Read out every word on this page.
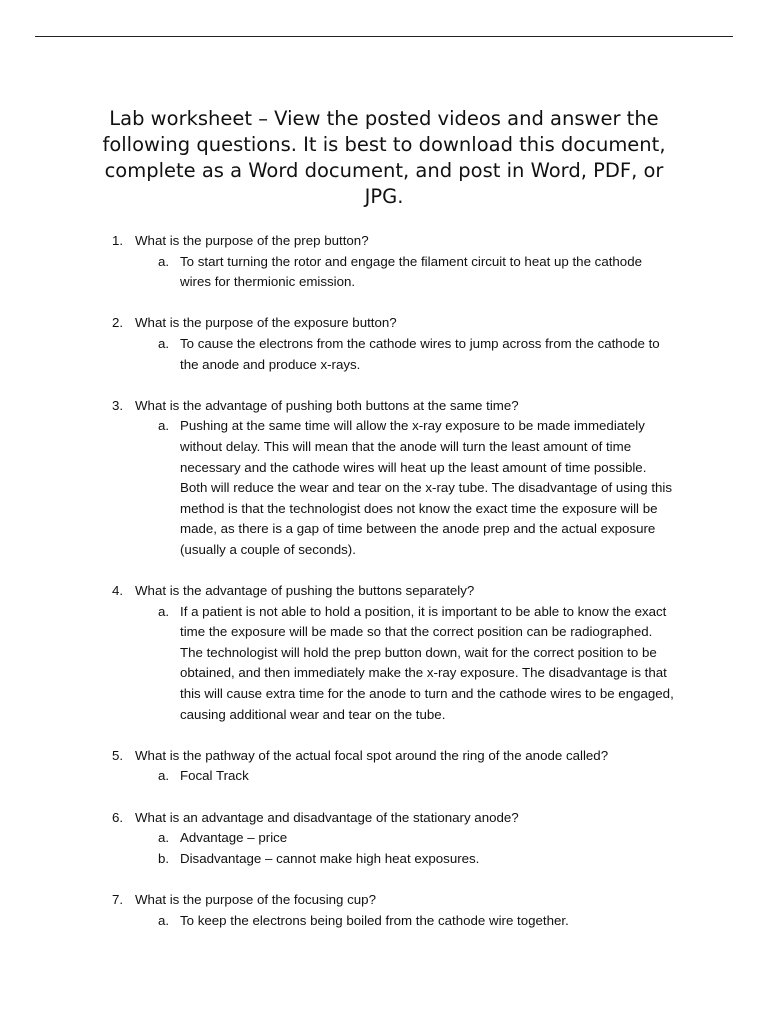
Lab worksheet – View the posted videos and answer the following questions. It is best to download this document, complete as a Word document, and post in Word, PDF, or JPG.
1. What is the purpose of the prep button?
a. To start turning the rotor and engage the filament circuit to heat up the cathode wires for thermionic emission.
2. What is the purpose of the exposure button?
a. To cause the electrons from the cathode wires to jump across from the cathode to the anode and produce x-rays.
3. What is the advantage of pushing both buttons at the same time?
a. Pushing at the same time will allow the x-ray exposure to be made immediately without delay. This will mean that the anode will turn the least amount of time necessary and the cathode wires will heat up the least amount of time possible. Both will reduce the wear and tear on the x-ray tube. The disadvantage of using this method is that the technologist does not know the exact time the exposure will be made, as there is a gap of time between the anode prep and the actual exposure (usually a couple of seconds).
4. What is the advantage of pushing the buttons separately?
a. If a patient is not able to hold a position, it is important to be able to know the exact time the exposure will be made so that the correct position can be radiographed. The technologist will hold the prep button down, wait for the correct position to be obtained, and then immediately make the x-ray exposure. The disadvantage is that this will cause extra time for the anode to turn and the cathode wires to be engaged, causing additional wear and tear on the tube.
5. What is the pathway of the actual focal spot around the ring of the anode called?
a. Focal Track
6. What is an advantage and disadvantage of the stationary anode?
a. Advantage – price
b. Disadvantage – cannot make high heat exposures.
7. What is the purpose of the focusing cup?
a. To keep the electrons being boiled from the cathode wire together.
